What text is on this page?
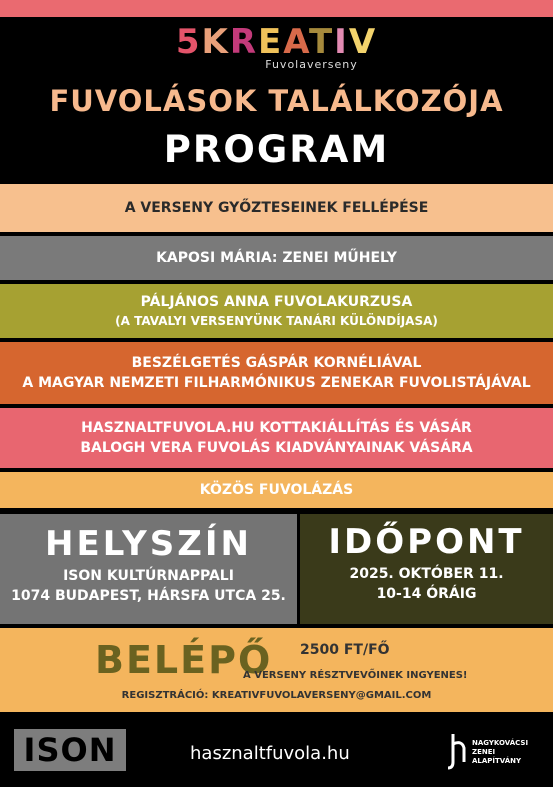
5KREATIV
Fuvolaverseny
FUVOLÁSOK TALÁLKOZÓJA
PROGRAM
A VERSENY GYŐZTESEINEK FELLÉPÉSE
KAPOSI MÁRIA: ZENEI MŰHELY
PÁLJÁNOS ANNA FUVOLAKURZUSA
(A TAVALYI VERSENYÜNK TANÁRI KÜLÖNDÍJASA)
BESZÉLGETÉS GÁSPÁR KORNÉLIÁVAL
A MAGYAR NEMZETI FILHARMÓNIKUS ZENEKAR FUVOLISTÁJÁVAL
HASZNALTFUVOLA.HU KOTTAKIÁLLÍTÁS ÉS VÁSÁR
BALOGH VERA FUVOLÁS KIADVÁNYAINAK VÁSÁRA
KÖZÖS FUVOLÁZÁS
HELYSZÍN
ISON KULTÚRNAPPALI
1074 BUDAPEST, HÁRSFA UTCA 25.
IDŐPONT
2025. OKTÓBER 11.
10-14 ÓRÁIG
BELÉPŐ 2500 FT/FŐ
A VERSENY RÉSZTVEVŐINEK INGYENES!
REGISZTRÁCIÓ: KREATIVFUVOLAVERSENY@GMAIL.COM
ISON	hasznaltfuvola.hu	NAGYKOVÁCSI
ZENEI
ALAPÍTVÁNY
